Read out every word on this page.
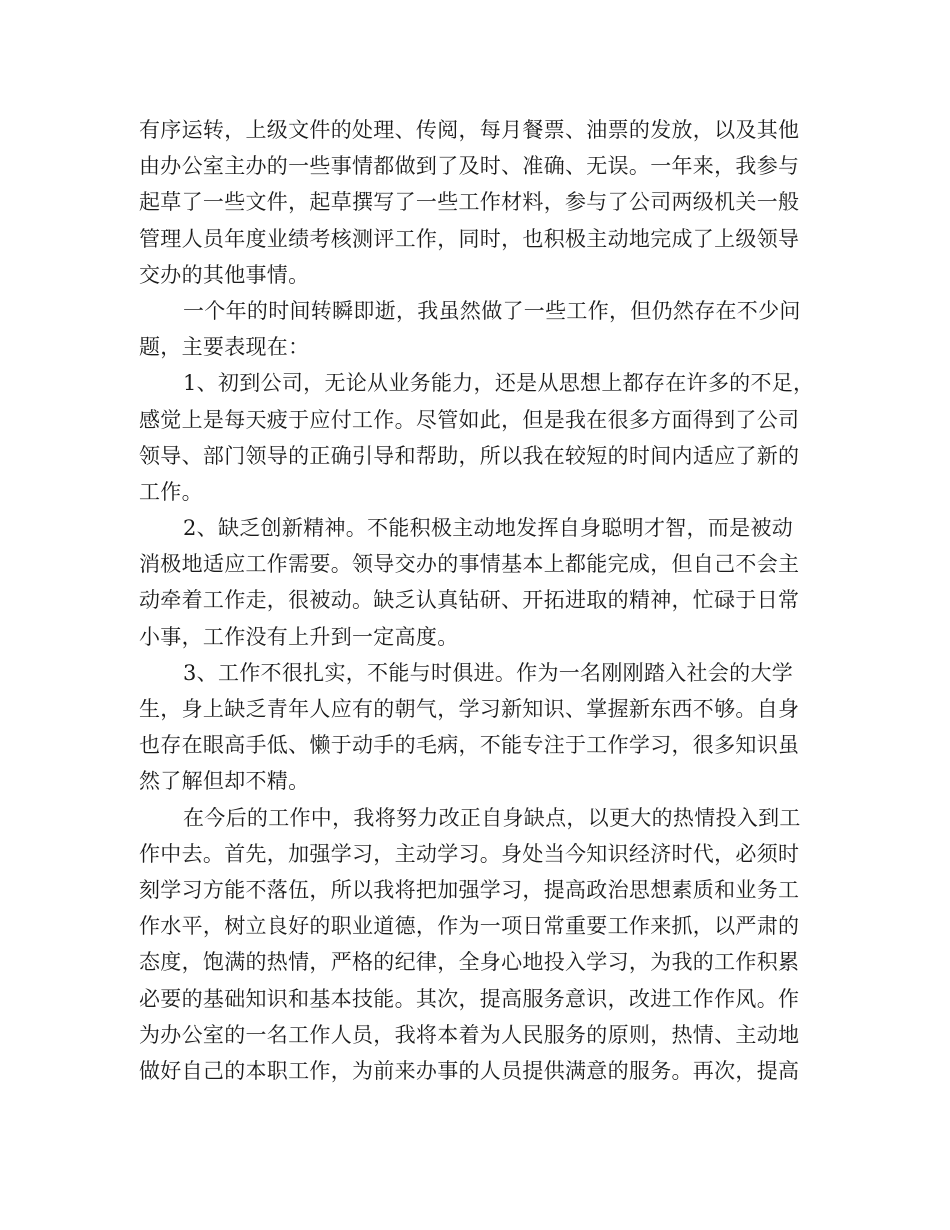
有序运转，上级文件的处理、传阅，每月餐票、油票的发放，以及其他
由办公室主办的一些事情都做到了及时、准确、无误。一年来，我参与
起草了一些文件，起草撰写了一些工作材料，参与了公司两级机关一般
管理人员年度业绩考核测评工作，同时，也积极主动地完成了上级领导
交办的其他事情。
一个年的时间转瞬即逝，我虽然做了一些工作，但仍然存在不少问
题，主要表现在：
1、初到公司，无论从业务能力，还是从思想上都存在许多的不足，
感觉上是每天疲于应付工作。尽管如此，但是我在很多方面得到了公司
领导、部门领导的正确引导和帮助，所以我在较短的时间内适应了新的
工作。
2、缺乏创新精神。不能积极主动地发挥自身聪明才智，而是被动
消极地适应工作需要。领导交办的事情基本上都能完成，但自己不会主
动牵着工作走，很被动。缺乏认真钻研、开拓进取的精神，忙碌于日常
小事，工作没有上升到一定高度。
3、工作不很扎实，不能与时俱进。作为一名刚刚踏入社会的大学
生，身上缺乏青年人应有的朝气，学习新知识、掌握新东西不够。自身
也存在眼高手低、懒于动手的毛病，不能专注于工作学习，很多知识虽
然了解但却不精。
在今后的工作中，我将努力改正自身缺点，以更大的热情投入到工
作中去。首先，加强学习，主动学习。身处当今知识经济时代，必须时
刻学习方能不落伍，所以我将把加强学习，提高政治思想素质和业务工
作水平，树立良好的职业道德，作为一项日常重要工作来抓，以严肃的
态度，饱满的热情，严格的纪律，全身心地投入学习，为我的工作积累
必要的基础知识和基本技能。其次，提高服务意识，改进工作作风。作
为办公室的一名工作人员，我将本着为人民服务的原则，热情、主动地
做好自己的本职工作，为前来办事的人员提供满意的服务。再次，提高
